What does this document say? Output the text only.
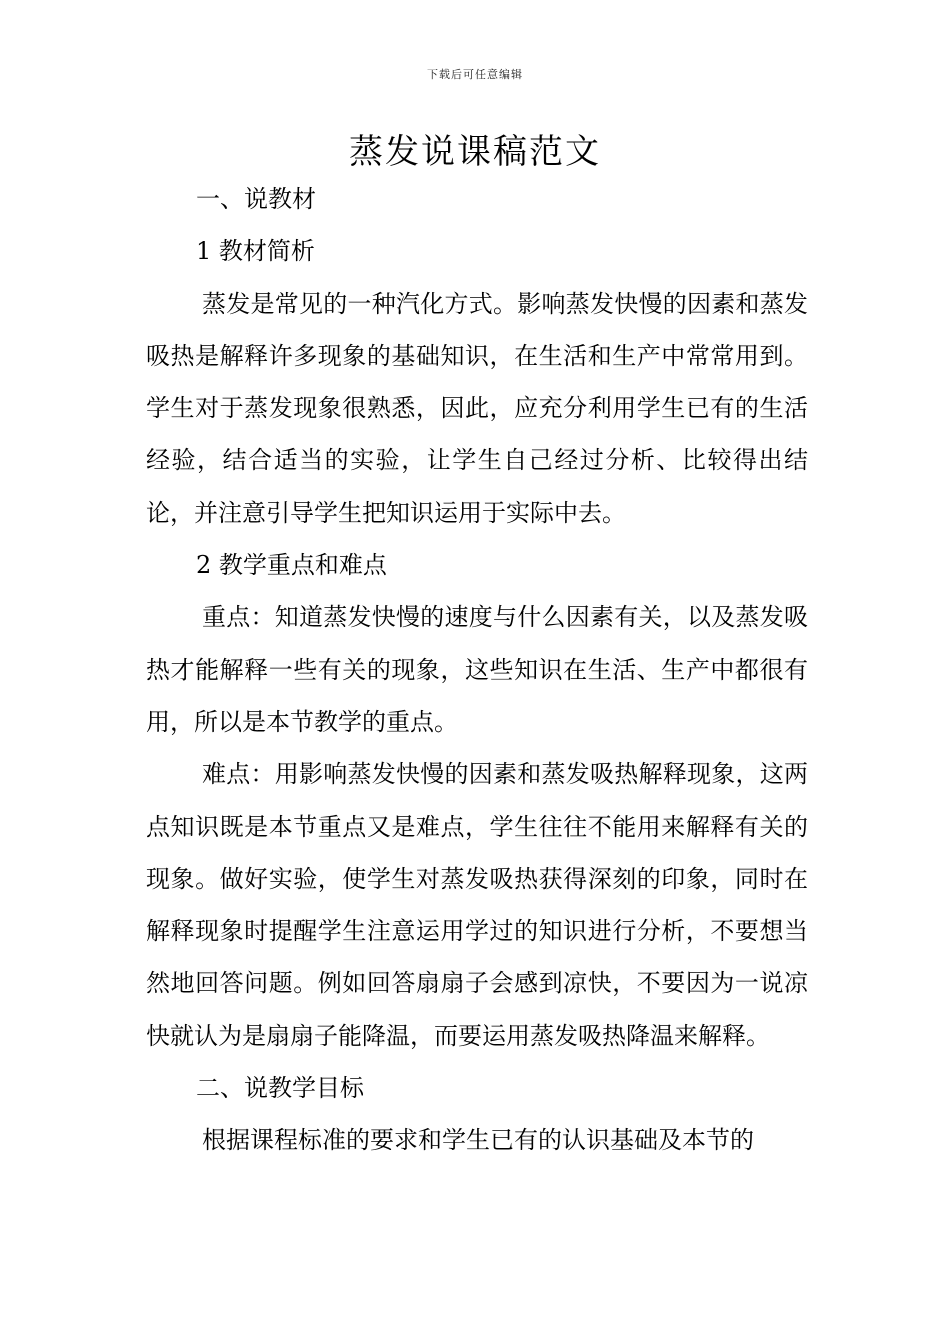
下载后可任意编辑
蒸发说课稿范文

一、说教材

1 教材简析

蒸发是常见的一种汽化方式。影响蒸发快慢的因素和蒸发吸热是解释许多现象的基础知识，在生活和生产中常常用到。学生对于蒸发现象很熟悉，因此，应充分利用学生已有的生活经验，结合适当的实验，让学生自己经过分析、比较得出结论，并注意引导学生把知识运用于实际中去。

2 教学重点和难点

重点：知道蒸发快慢的速度与什么因素有关，以及蒸发吸热才能解释一些有关的现象，这些知识在生活、生产中都很有用，所以是本节教学的重点。

难点：用影响蒸发快慢的因素和蒸发吸热解释现象，这两点知识既是本节重点又是难点，学生往往不能用来解释有关的现象。做好实验，使学生对蒸发吸热获得深刻的印象，同时在解释现象时提醒学生注意运用学过的知识进行分析，不要想当然地回答问题。例如回答扇扇子会感到凉快，不要因为一说凉快就认为是扇扇子能降温，而要运用蒸发吸热降温来解释。

二、说教学目标

根据课程标准的要求和学生已有的认识基础及本节的
